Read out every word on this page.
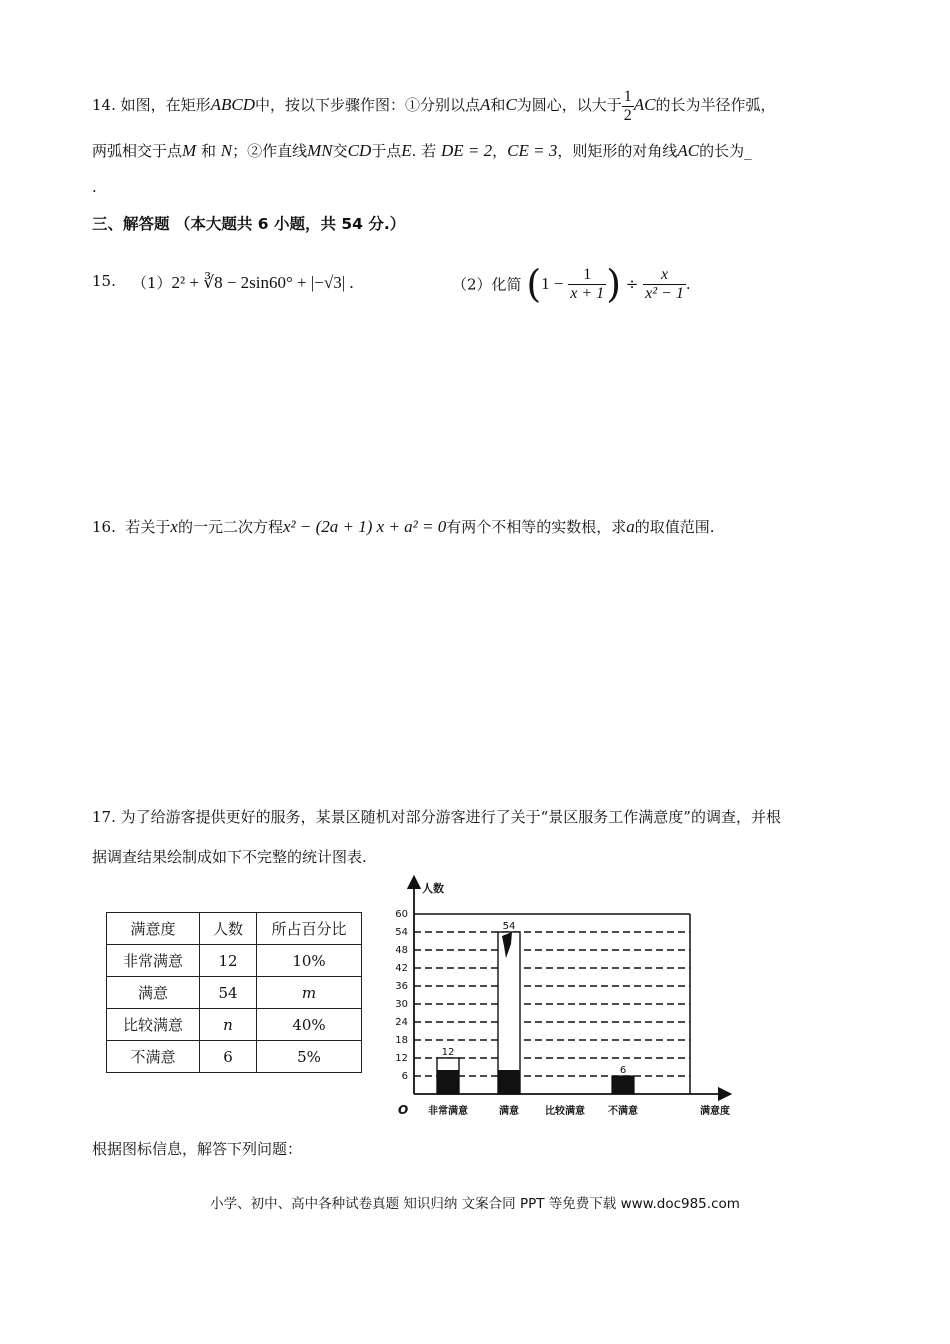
14. 如图，在矩形ABCD中，按以下步骤作图：①分别以点A和C为圆心，以大于 $\frac{1}{2}$ AC的长为半径作弧，
两弧相交于点M 和 N；②作直线MN交CD于点E. 若 DE = 2，CE = 3，则矩形的对角线AC的长为_
.
三、解答题 （本大题共 6 小题，共 54 分.）
15. （1）2² + ∛8 − 2sin60° + |−√3| .	（2）化简 ($1 - \frac{1}{x + 1}$ ) ÷ $\frac{x}{\text{x² − 1}}$ .
16. 若关于x的一元二次方程x² − (2a + 1) x + a² = 0有两个不相等的实数根，求a的取值范围.
17. 为了给游客提供更好的服务，某景区随机对部分游客进行了关于“景区服务工作满意度”的调查，并根
据调查结果绘制成如下不完整的统计图表.
满意度	人数	所占百分比
非常满意	12	10%
满意	54	m
比较满意	n	40%
不满意	6	5%
6
12
18
24
30
36
42
48
54
60
人数
满意度
O 非常满意
12
满意
54
比较满意 不满意
6
根据图标信息，解答下列问题：
小学、初中、高中各种试卷真题 知识归纳 文案合同 PPT 等免费下载 www.doc985.com
